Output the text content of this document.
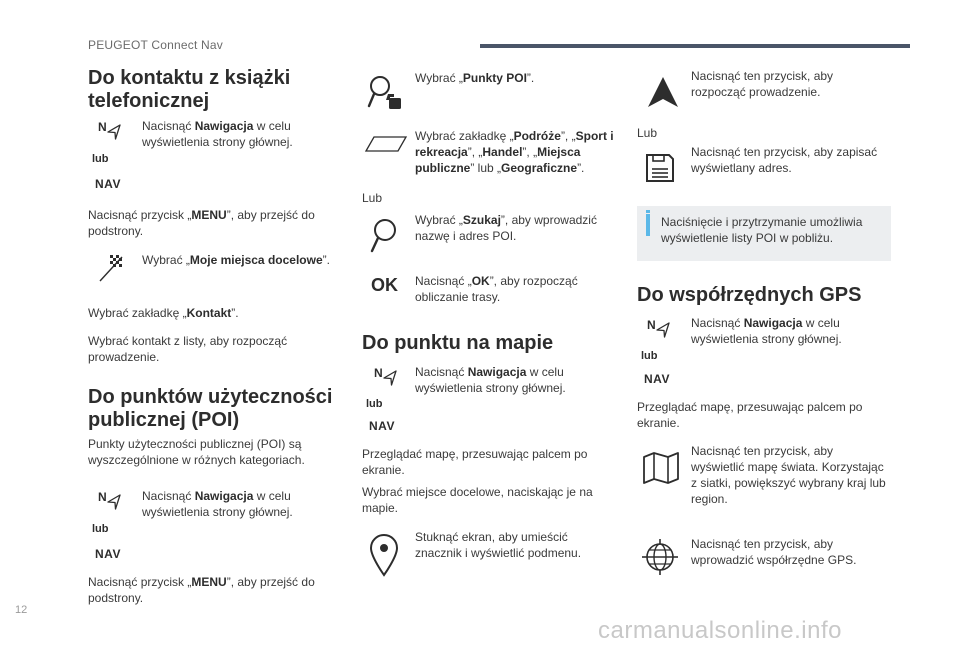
PEUGEOT Connect Nav
Do kontaktu z książki telefonicznej
N
lub
NAV
Nacisnąć Nawigacja w celu wyświetlenia strony głównej.
Nacisnąć przycisk „MENU”, aby przejść do podstrony.
Wybrać „Moje miejsca docelowe”.
Wybrać zakładkę „Kontakt”.
Wybrać kontakt z listy, aby rozpocząć prowadzenie.
Do punktów użyteczności publicznej (POI)
Punkty użyteczności publicznej (POI) są wyszczególnione w różnych kategoriach.
N
lub
NAV
Nacisnąć Nawigacja w celu wyświetlenia strony głównej.
Nacisnąć przycisk „MENU”, aby przejść do podstrony.
Wybrać „Punkty POI”.
Wybrać zakładkę „Podróże”, „Sport i rekreacja”, „Handel”, „Miejsca publiczne” lub „Geograficzne”.
Lub
Wybrać „Szukaj”, aby wprowadzić nazwę i adres POI.
OK Nacisnąć „OK”, aby rozpocząć obliczanie trasy.
Do punktu na mapie
N
lub
NAV
Nacisnąć Nawigacja w celu wyświetlenia strony głównej.
Przeglądać mapę, przesuwając palcem po ekranie.
Wybrać miejsce docelowe, naciskając je na mapie.
Stuknąć ekran, aby umieścić znacznik i wyświetlić podmenu.
Nacisnąć ten przycisk, aby rozpocząć prowadzenie.
Lub
Nacisnąć ten przycisk, aby zapisać wyświetlany adres.
Naciśnięcie i przytrzymanie umożliwia wyświetlenie listy POI w pobliżu.
Do współrzędnych GPS
N
lub
NAV
Nacisnąć Nawigacja w celu wyświetlenia strony głównej.
Przeglądać mapę, przesuwając palcem po ekranie.
Nacisnąć ten przycisk, aby wyświetlić mapę świata. Korzystając z siatki, powiększyć wybrany kraj lub region.
Nacisnąć ten przycisk, aby wprowadzić współrzędne GPS.
12
carmanualsonline.info
